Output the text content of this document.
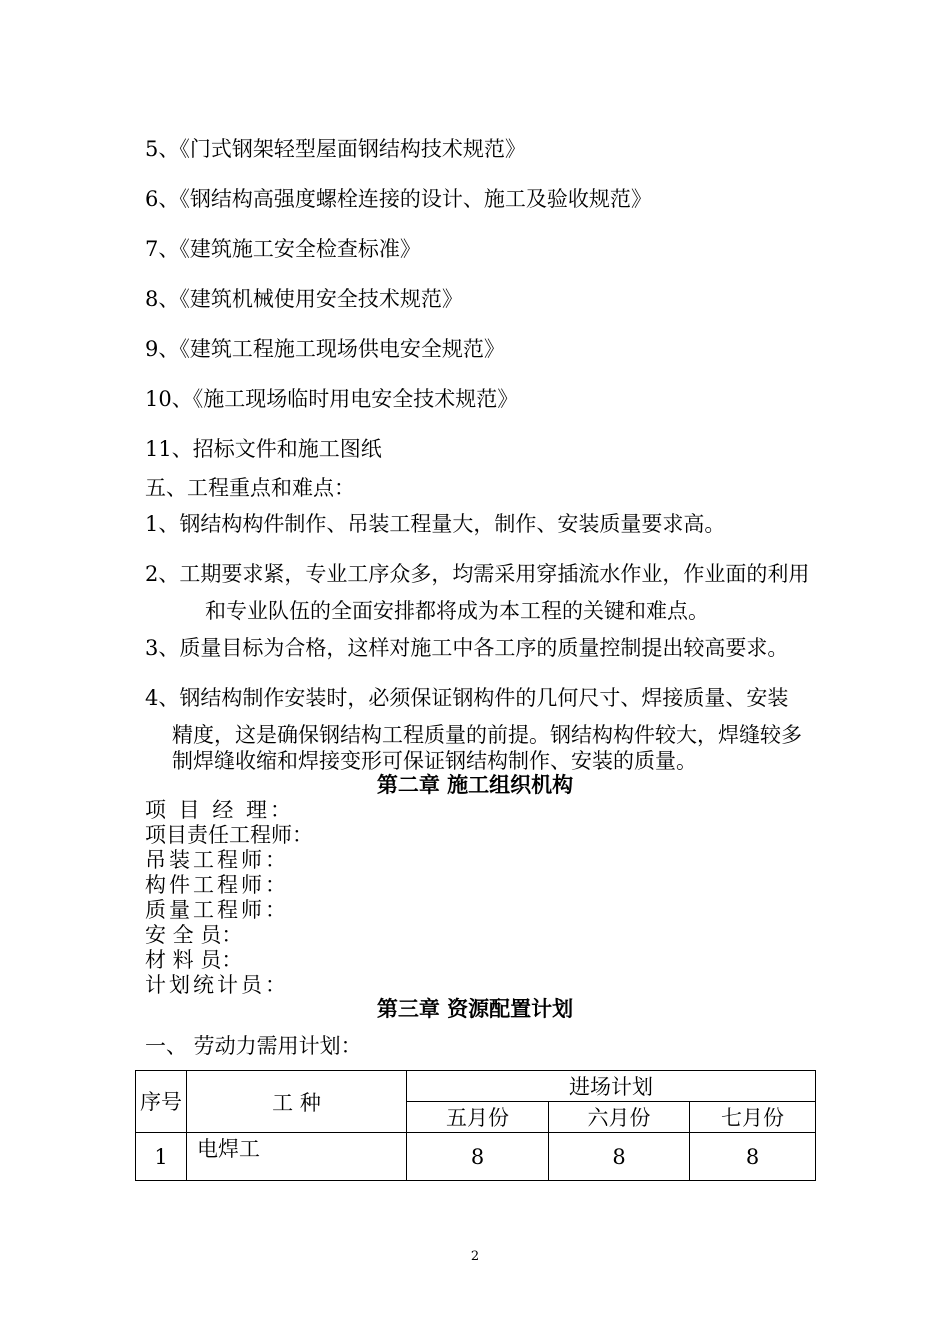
5、《门式钢架轻型屋面钢结构技术规范》
6、《钢结构高强度螺栓连接的设计、施工及验收规范》
7、《建筑施工安全检查标准》
8、《建筑机械使用安全技术规范》
9、《建筑工程施工现场供电安全规范》
10、《施工现场临时用电安全技术规范》
11、招标文件和施工图纸
五、工程重点和难点：
1、钢结构构件制作、吊装工程量大，制作、安装质量要求高。
2、工期要求紧，专业工序众多，均需采用穿插流水作业，作业面的利用
和专业队伍的全面安排都将成为本工程的关键和难点。
3、质量目标为合格，这样对施工中各工序的质量控制提出较高要求。
4、钢结构制作安装时，必须保证钢构件的几何尺寸、焊接质量、安装
精度，这是确保钢结构工程质量的前提。钢结构构件较大，焊缝较多
制焊缝收缩和焊接变形可保证钢结构制作、安装的质量。
第二章 施工组织机构
项 目 经 理：
项目责任工程师：
吊装工程师：
构件工程师：
质量工程师：
安 全 员：
材 料 员：
计划统计员：
第三章 资源配置计划
一、 劳动力需用计划：
序号	工 种	进场计划		
		五月份	六月份	七月份
1	电焊工	8	8	8
2
